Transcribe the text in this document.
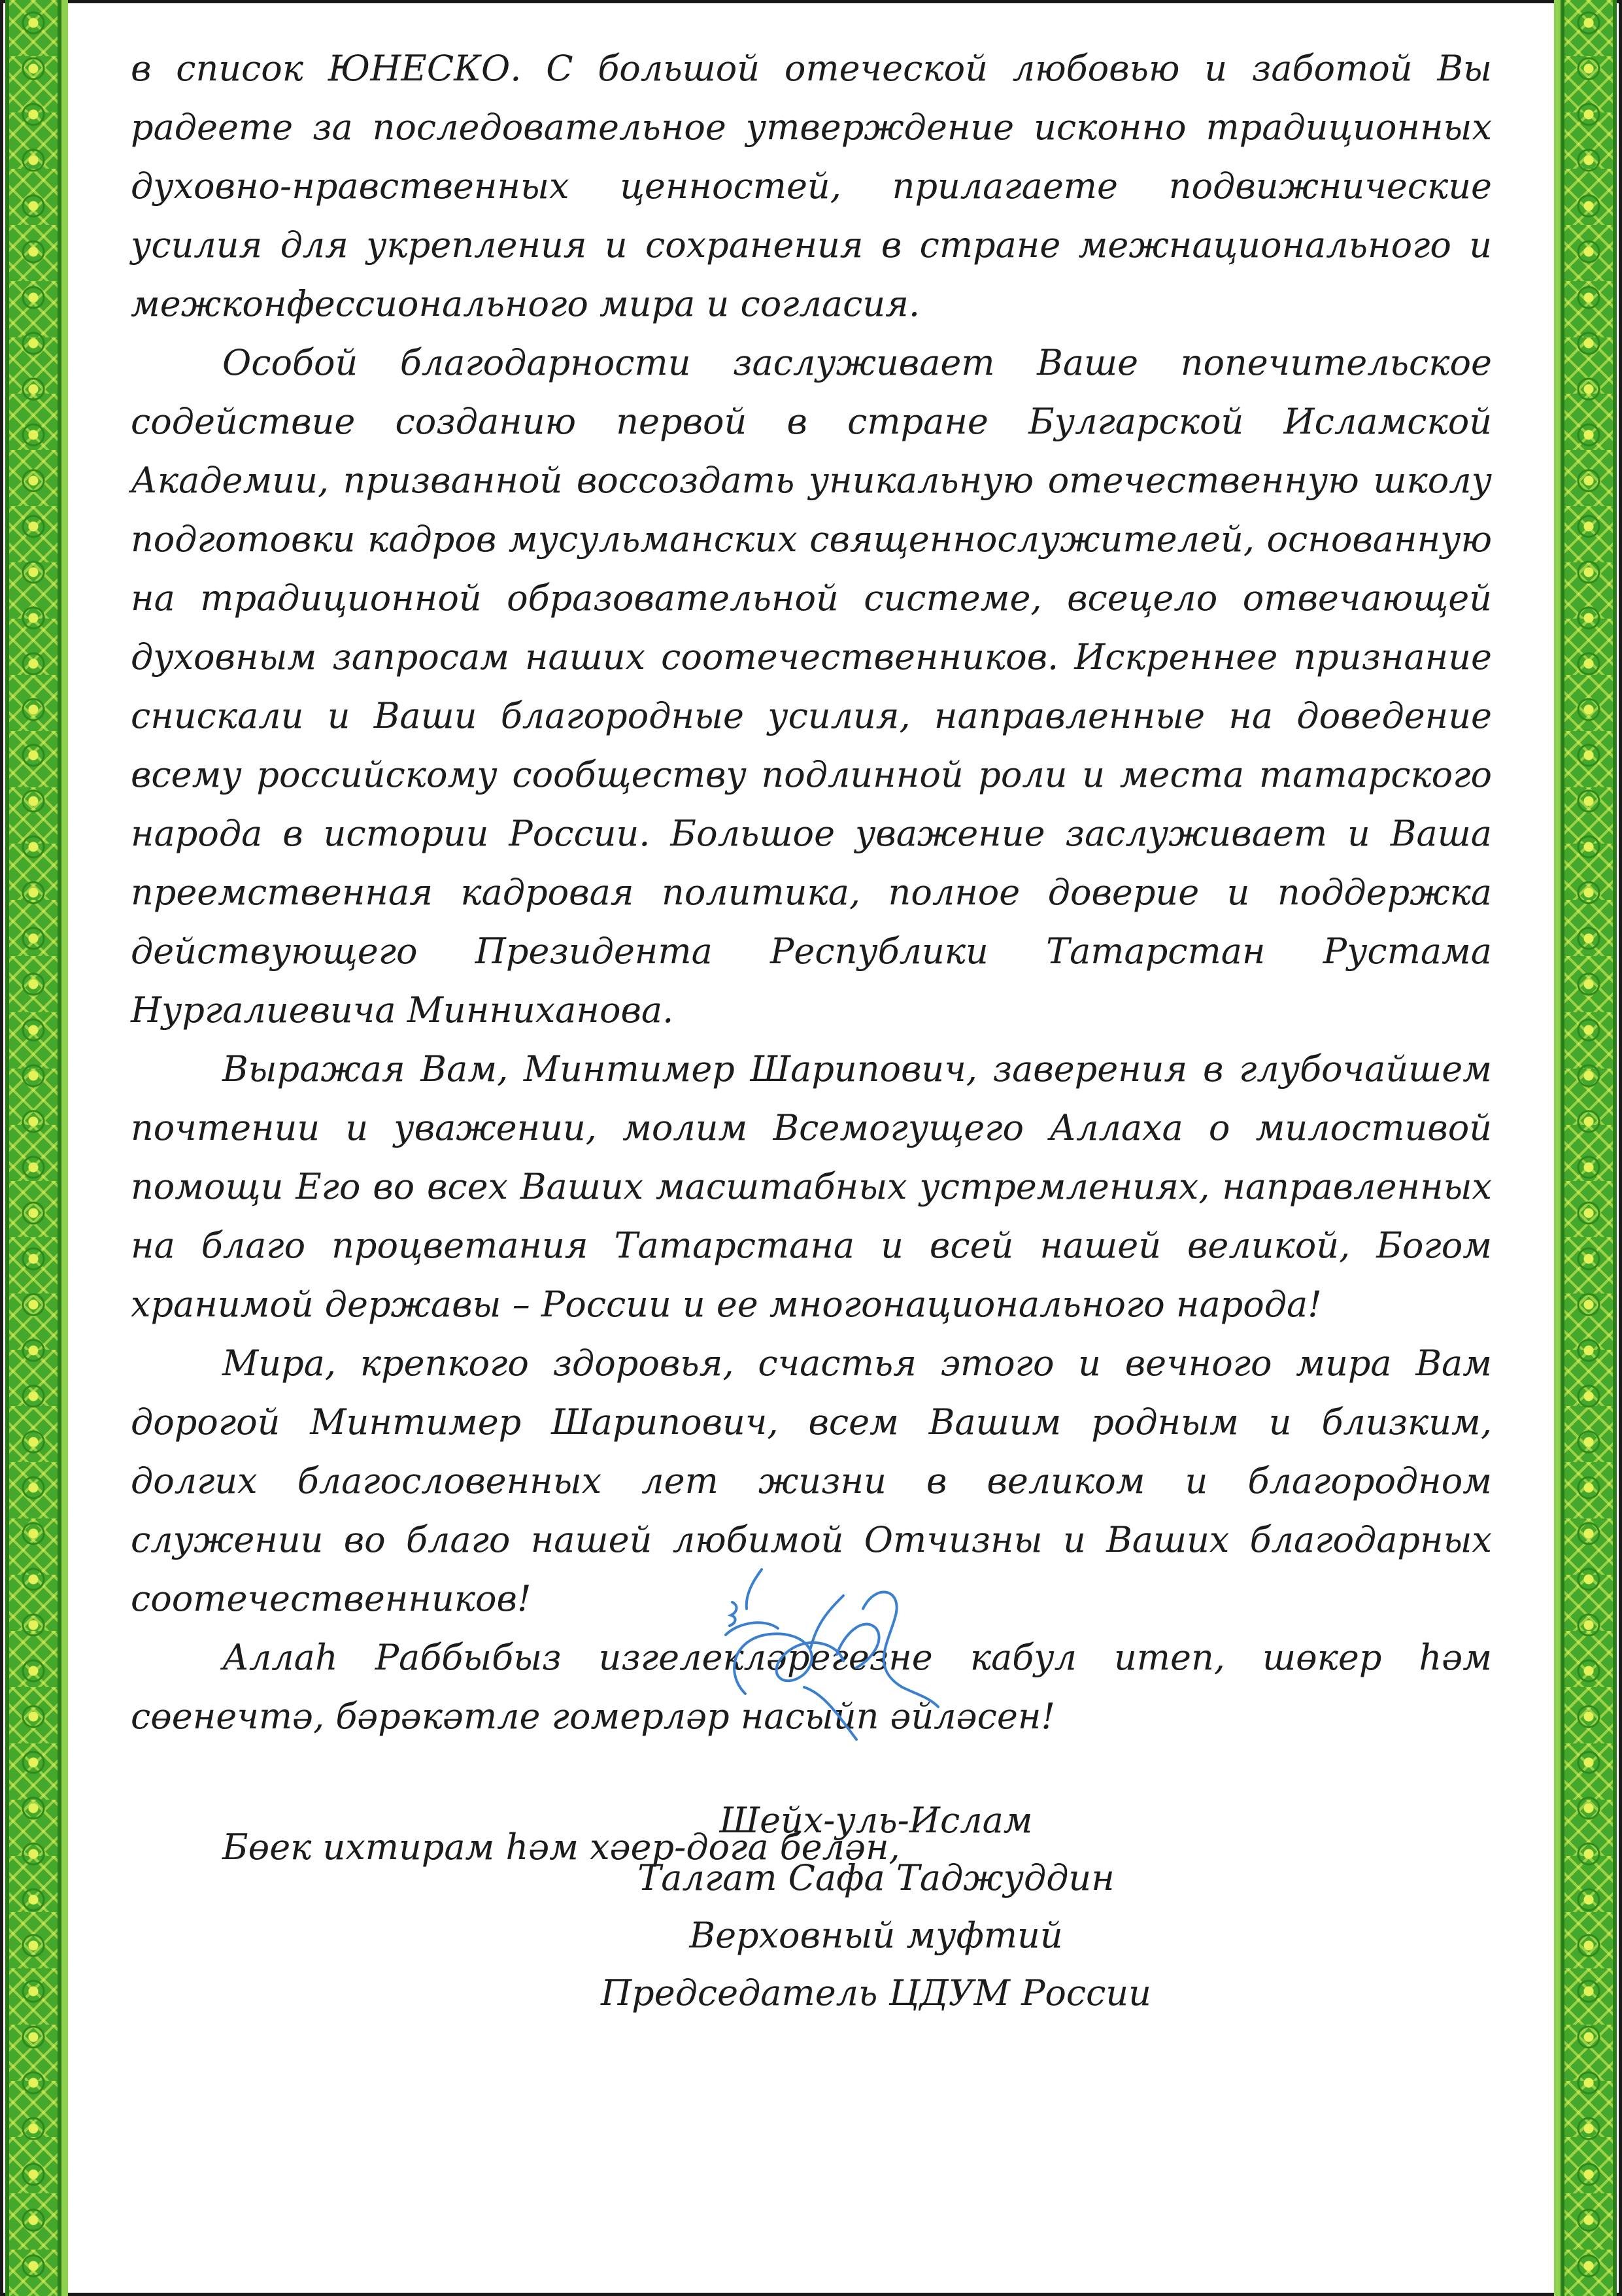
в список ЮНЕСКО. С большой отеческой любовью и заботой Вы радеете за последовательное утверждение исконно традиционных духовно-нравственных ценностей, прилагаете подвижнические усилия для укрепления и сохранения в стране межнационального и межконфессионального мира и согласия.

Особой благодарности заслуживает Ваше попечительское содействие созданию первой в стране Булгарской Исламской Академии, призванной воссоздать уникальную отечественную школу подготовки кадров мусульманских священнослужителей, основанную на традиционной образовательной системе, всецело отвечающей духовным запросам наших соотечественников. Искреннее признание снискали и Ваши благородные усилия, направленные на доведение всему российскому сообществу подлинной роли и места татарского народа в истории России. Большое уважение заслуживает и Ваша преемственная кадровая политика, полное доверие и поддержка действующего Президента Республики Татарстан Рустама Нургалиевича Минниханова.

Выражая Вам, Минтимер Шарипович, заверения в глубочайшем почтении и уважении, молим Всемогущего Аллаха о милостивой помощи Его во всех Ваших масштабных устремлениях, направленных на благо процветания Татарстана и всей нашей великой, Богом хранимой державы – России и ее многонационального народа!

Мира, крепкого здоровья, счастья этого и вечного мира Вам дорогой Минтимер Шарипович, всем Вашим родным и близким, долгих благословенных лет жизни в великом и благородном служении во благо нашей любимой Отчизны и Ваших благодарных соотечественников!

Аллаһ Раббыбыз изгелекләрегезне кабул итеп, шөкер һәм сөенечтә, бәрәкәтле гомерләр насыйп әйләсен!

Бөек ихтирам һәм хәер-дога белән,

Шейх-уль-Ислам
Талгат Сафа Таджуддин
Верховный муфтий
Председатель ЦДУМ России
